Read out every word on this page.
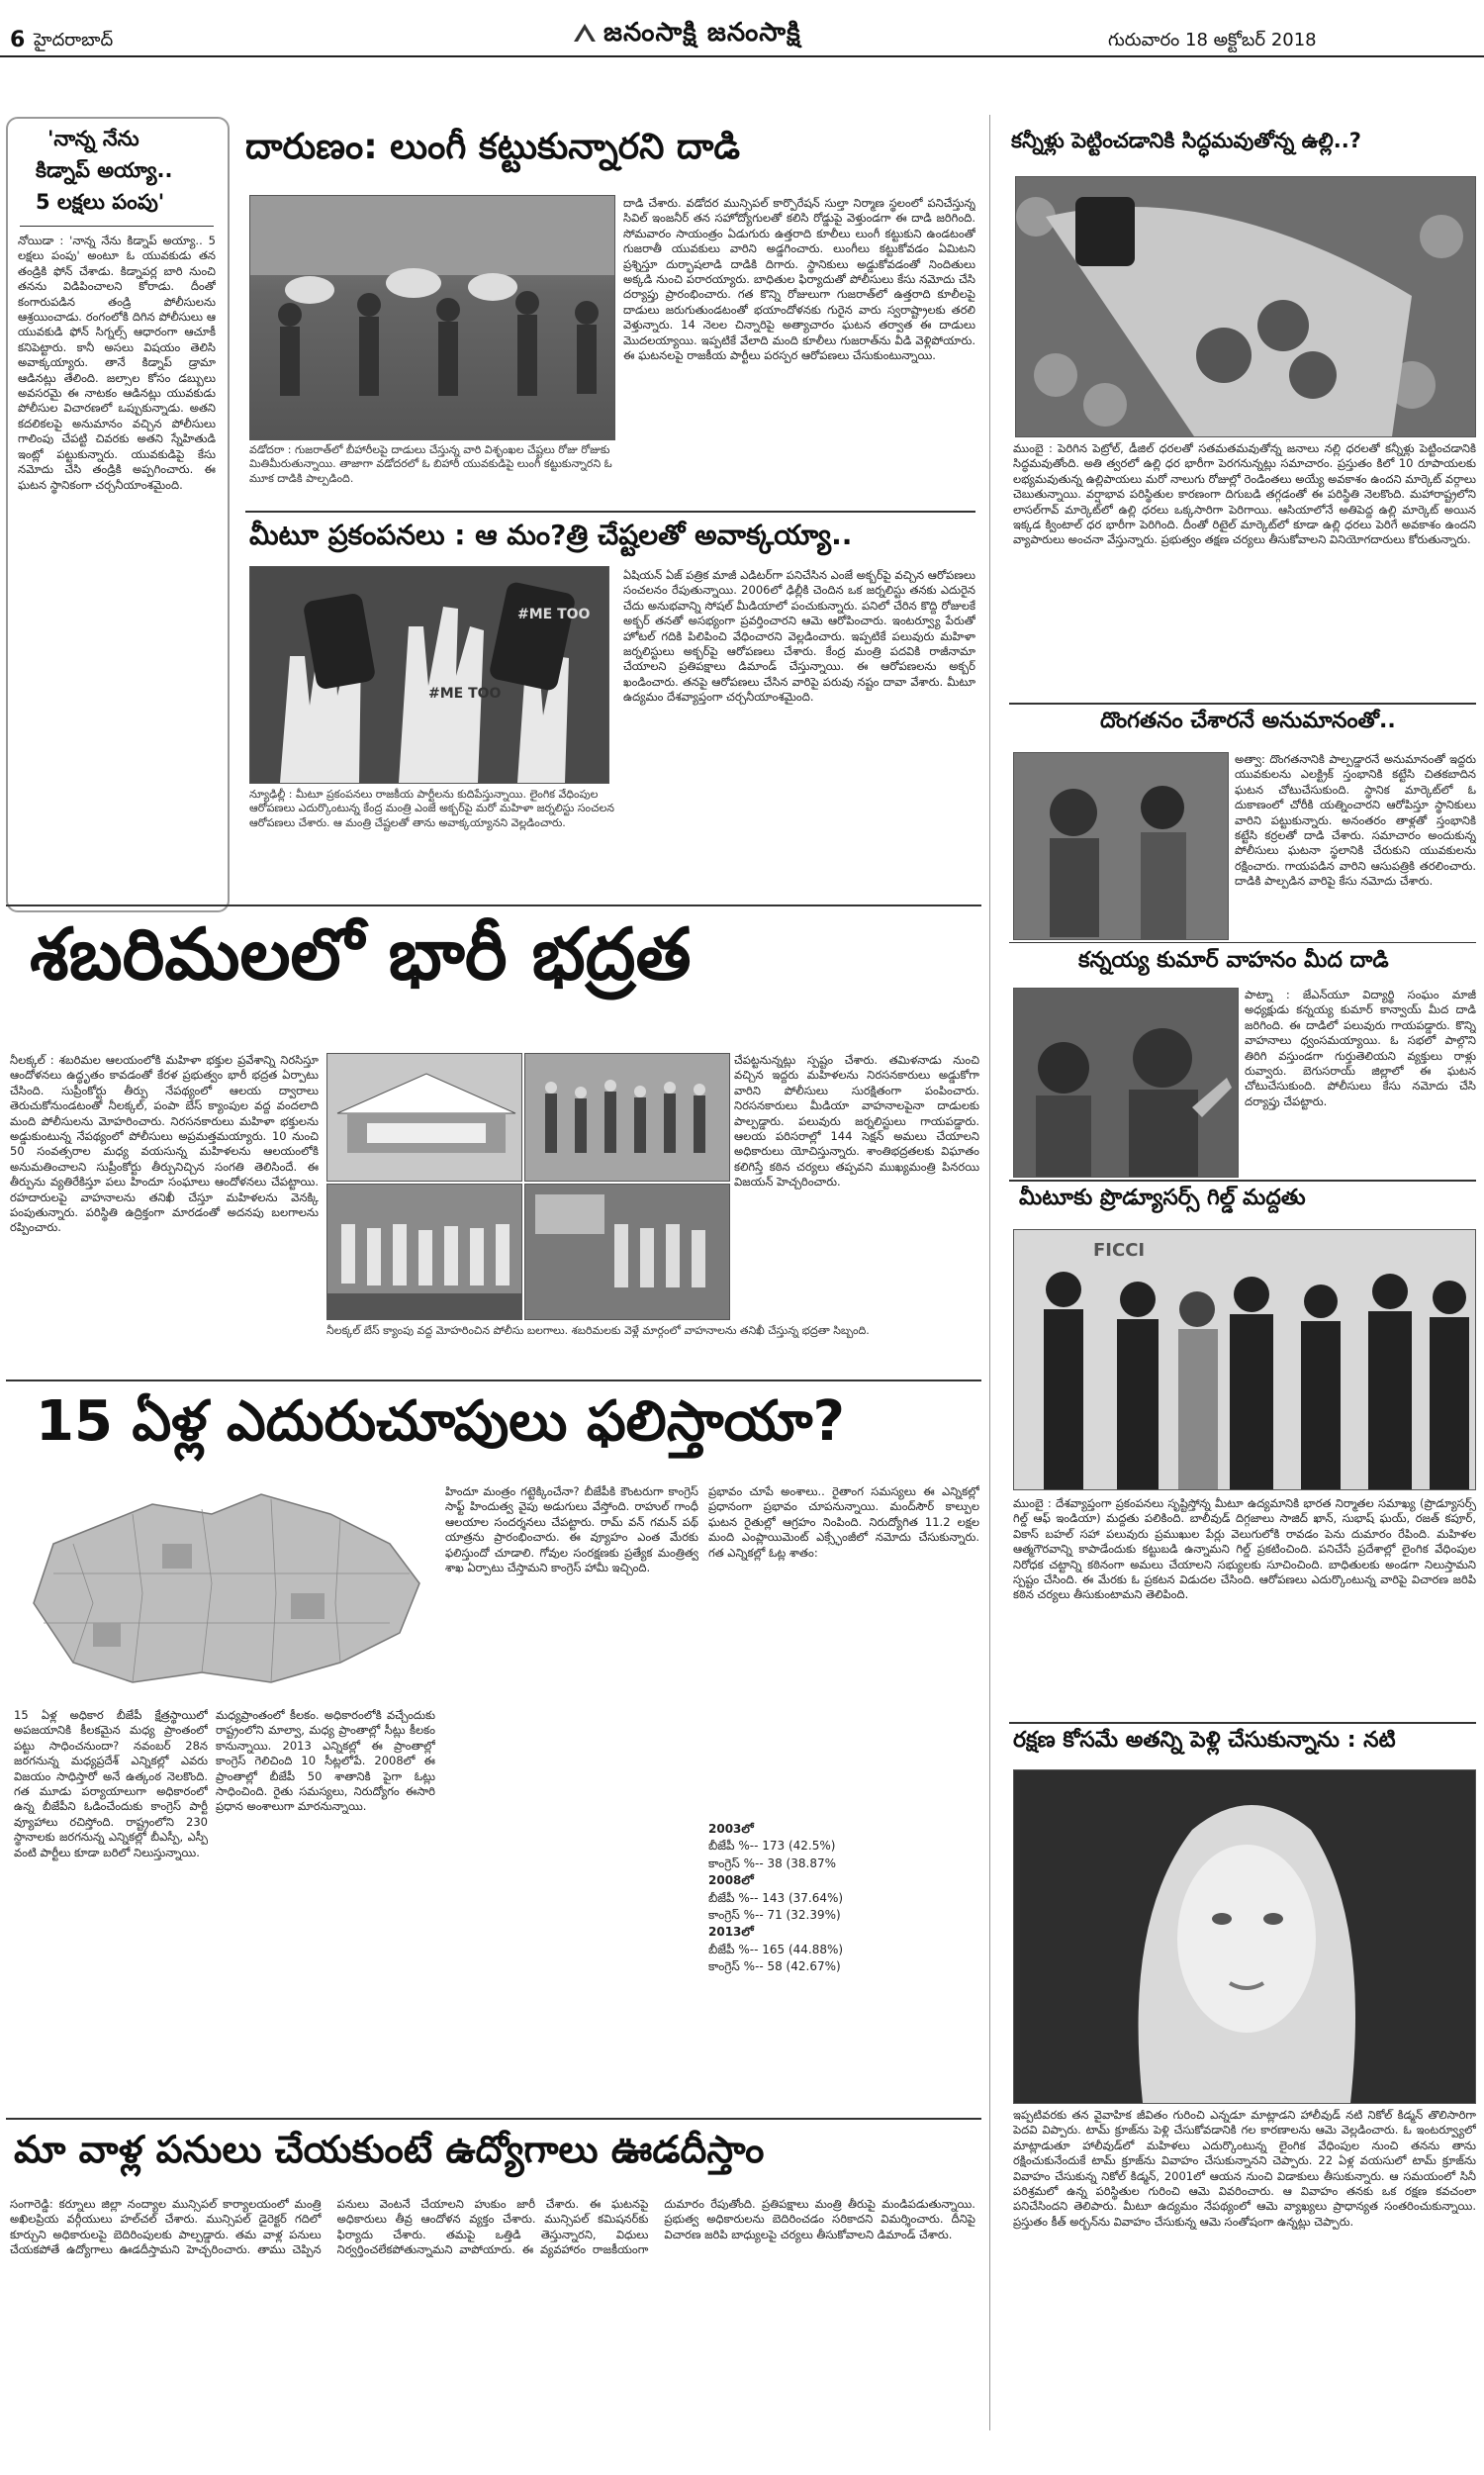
6 హైదరాబాద్	జనంసాక్షి జనంసాక్షి	గురువారం 18 అక్టోబర్ 2018
'నాన్న నేను
కిడ్నాప్ అయ్యా..
5 లక్షలు పంపు'
నోయిడా : 'నాన్న నేను కిడ్నాప్ అయ్యా.. 5 లక్షలు పంపు' అంటూ ఓ యువకుడు తన తండ్రికి ఫోన్ చేశాడు. కిడ్నాపర్ల బారి నుంచి తనను విడిపించాలని కోరాడు. దీంతో కంగారుపడిన తండ్రి పోలీసులను ఆశ్రయించాడు. రంగంలోకి దిగిన పోలీసులు ఆ యువకుడి ఫోన్ సిగ్నల్స్ ఆధారంగా ఆచూకీ కనిపెట్టారు. కానీ అసలు విషయం తెలిసి అవాక్కయ్యారు. తానే కిడ్నాప్ డ్రామా ఆడినట్లు తేలింది. జల్సాల కోసం డబ్బులు అవసరమై ఈ నాటకం ఆడినట్లు యువకుడు పోలీసుల విచారణలో ఒప్పుకున్నాడు. అతని కదలికలపై అనుమానం వచ్చిన పోలీసులు గాలింపు చేపట్టి చివరకు అతని స్నేహితుడి ఇంట్లో పట్టుకున్నారు. యువకుడిపై కేసు నమోదు చేసి తండ్రికి అప్పగించారు. ఈ ఘటన స్థానికంగా చర్చనీయాంశమైంది.
దారుణం: లుంగీ కట్టుకున్నారని దాడి
దాడి చేశారు. వడోదర మున్సిపల్ కార్పొరేషన్ సుల్తా నిర్మాణ స్థలంలో పనిచేస్తున్న సివిల్ ఇంజనీర్ తన సహోద్యోగులతో కలిసి రోడ్డుపై వెళ్తుండగా ఈ దాడి జరిగింది. సోమవారం సాయంత్రం ఏడుగురు ఉత్తరాది కూలీలు లుంగీ కట్టుకుని ఉండటంతో గుజరాతీ యువకులు వారిని అడ్డగించారు. లుంగీలు కట్టుకోవడం ఏమిటని ప్రశ్నిస్తూ దుర్భాషలాడి దాడికి దిగారు. స్థానికులు అడ్డుకోవడంతో నిందితులు అక్కడి నుంచి పరారయ్యారు. బాధితుల ఫిర్యాదుతో పోలీసులు కేసు నమోదు చేసి దర్యాప్తు ప్రారంభించారు. గత కొన్ని రోజులుగా గుజరాత్‌లో ఉత్తరాది కూలీలపై దాడులు జరుగుతుండటంతో భయాందోళనకు గురైన వారు స్వరాష్ట్రాలకు తరలి వెళ్తున్నారు. 14 నెలల చిన్నారిపై అత్యాచారం ఘటన తర్వాత ఈ దాడులు మొదలయ్యాయి. ఇప్పటికే వేలాది మంది కూలీలు గుజరాత్‌ను వీడి వెళ్లిపోయారు. ఈ ఘటనలపై రాజకీయ పార్టీలు పరస్పర ఆరోపణలు చేసుకుంటున్నాయి.
వడోదరా : గుజరాత్‌లో బీహారీలపై దాడులు చేస్తున్న వారి విశృంఖల చేష్టలు రోజు రోజుకు మితిమీరుతున్నాయి. తాజాగా వడోదరలో ఓ బిహారీ యువకుడిపై లుంగీ కట్టుకున్నారని ఓ మూక దాడికి పాల్పడింది.
మీటూ ప్రకంపనలు : ఆ మం?త్రి చేష్టలతో అవాక్కయ్యా..
#ME TOO
#ME TOO
ఏషియన్ ఏజ్ పత్రిక మాజీ ఎడిటర్‌గా పనిచేసిన ఎంజే అక్బర్‌పై వచ్చిన ఆరోపణలు సంచలనం రేపుతున్నాయి. 2006లో ఢిల్లీకి చెందిన ఒక జర్నలిస్టు తనకు ఎదురైన చేదు అనుభవాన్ని సోషల్ మీడియాలో పంచుకున్నారు. పనిలో చేరిన కొద్ది రోజులకే అక్బర్ తనతో అసభ్యంగా ప్రవర్తించారని ఆమె ఆరోపించారు. ఇంటర్వ్యూ పేరుతో హోటల్ గదికి పిలిపించి వేధించారని వెల్లడించారు. ఇప్పటికే పలువురు మహిళా జర్నలిస్టులు అక్బర్‌పై ఆరోపణలు చేశారు. కేంద్ర మంత్రి పదవికి రాజీనామా చేయాలని ప్రతిపక్షాలు డిమాండ్ చేస్తున్నాయి. ఈ ఆరోపణలను అక్బర్ ఖండించారు. తనపై ఆరోపణలు చేసిన వారిపై పరువు నష్టం దావా వేశారు. మీటూ ఉద్యమం దేశవ్యాప్తంగా చర్చనీయాంశమైంది.
న్యూఢిల్లీ : మీటూ ప్రకంపనలు రాజకీయ పార్టీలను కుదిపేస్తున్నాయి. లైంగిక వేధింపుల ఆరోపణలు ఎదుర్కొంటున్న కేంద్ర మంత్రి ఎంజే అక్బర్‌పై మరో మహిళా జర్నలిస్టు సంచలన ఆరోపణలు చేశారు. ఆ మంత్రి చేష్టలతో తాను అవాక్కయ్యానని వెల్లడించారు.
కన్నీళ్లు పెట్టించడానికి సిద్ధమవుతోన్న ఉల్లి..?
ముంబై : పెరిగిన పెట్రోల్, డీజిల్ ధరలతో సతమతమవుతోన్న జనాలు నల్లి ధరలతో కన్నీళ్లు పెట్టించడానికి సిద్ధమవుతోంది. అతి త్వరలో ఉల్లి ధర భారీగా పెరగనున్నట్లు సమాచారం. ప్రస్తుతం కిలో 10 రూపాయలకు లభ్యమవుతున్న ఉల్లిపాయలు మరో నాలుగు రోజుల్లో రెండింతలు అయ్యే అవకాశం ఉందని మార్కెట్ వర్గాలు చెబుతున్నాయి. వర్షాభావ పరిస్థితుల కారణంగా దిగుబడి తగ్గడంతో ఈ పరిస్థితి నెలకొంది. మహారాష్ట్రలోని లాసల్‌గావ్ మార్కెట్‌లో ఉల్లి ధరలు ఒక్కసారిగా పెరిగాయి. ఆసియాలోనే అతిపెద్ద ఉల్లి మార్కెట్ అయిన ఇక్కడ క్వింటాల్ ధర భారీగా పెరిగింది. దీంతో రిటైల్ మార్కెట్‌లో కూడా ఉల్లి ధరలు పెరిగే అవకాశం ఉందని వ్యాపారులు అంచనా వేస్తున్నారు. ప్రభుత్వం తక్షణ చర్యలు తీసుకోవాలని వినియోగదారులు కోరుతున్నారు.
దొంగతనం చేశారనే అనుమానంతో..
అత్వా: దొంగతనానికి పాల్పడ్డారనే అనుమానంతో ఇద్దరు యువకులను ఎలక్ట్రిక్ స్తంభానికి కట్టేసి చితకబాదిన ఘటన చోటుచేసుకుంది. స్థానిక మార్కెట్‌లో ఓ దుకాణంలో చోరీకి యత్నించారని ఆరోపిస్తూ స్థానికులు వారిని పట్టుకున్నారు. అనంతరం తాళ్లతో స్తంభానికి కట్టేసి కర్రలతో దాడి చేశారు. సమాచారం అందుకున్న పోలీసులు ఘటనా స్థలానికి చేరుకుని యువకులను రక్షించారు. గాయపడిన వారిని ఆసుపత్రికి తరలించారు. దాడికి పాల్పడిన వారిపై కేసు నమోదు చేశారు.
కన్నయ్య కుమార్ వాహనం మీద దాడి
పాట్నా : జేఎన్‌యూ విద్యార్థి సంఘం మాజీ అధ్యక్షుడు కన్నయ్య కుమార్ కాన్వాయ్ మీద దాడి జరిగింది. ఈ దాడిలో పలువురు గాయపడ్డారు. కొన్ని వాహనాలు ధ్వంసమయ్యాయి. ఓ సభలో పాల్గొని తిరిగి వస్తుండగా గుర్తుతెలియని వ్యక్తులు రాళ్లు రువ్వారు. బెగుసరాయ్ జిల్లాలో ఈ ఘటన చోటుచేసుకుంది. పోలీసులు కేసు నమోదు చేసి దర్యాప్తు చేపట్టారు.
మీటూకు ప్రొడ్యూసర్స్ గిల్డ్ మద్దతు
FICCI
ముంబై : దేశవ్యాప్తంగా ప్రకంపనలు సృష్టిస్తోన్న మీటూ ఉద్యమానికి భారత నిర్మాతల సమాఖ్య (ప్రొడ్యూసర్స్ గిల్డ్ ఆఫ్ ఇండియా) మద్దతు పలికింది. బాలీవుడ్ దిగ్గజాలు సాజిద్ ఖాన్, సుభాష్ ఘయ్, రజత్ కపూర్, వికాస్ బహల్ సహా పలువురు ప్రముఖుల పేర్లు వెలుగులోకి రావడం పెను దుమారం రేపింది. మహిళల ఆత్మగౌరవాన్ని కాపాడేందుకు కట్టుబడి ఉన్నామని గిల్డ్ ప్రకటించింది. పనిచేసే ప్రదేశాల్లో లైంగిక వేధింపుల నిరోధక చట్టాన్ని కఠినంగా అమలు చేయాలని సభ్యులకు సూచించింది. బాధితులకు అండగా నిలుస్తామని స్పష్టం చేసింది. ఈ మేరకు ఓ ప్రకటన విడుదల చేసింది. ఆరోపణలు ఎదుర్కొంటున్న వారిపై విచారణ జరిపి కఠిన చర్యలు తీసుకుంటామని తెలిపింది.
రక్షణ కోసమే అతన్ని పెళ్లి చేసుకున్నాను : నటి
ఇప్పటివరకు తన వైవాహిక జీవితం గురించి ఎన్నడూ మాట్లాడని హాలీవుడ్ నటి నికోల్ కిడ్మన్ తొలిసారిగా పెదవి విప్పారు. టామ్ క్రూజ్‌ను పెళ్లి చేసుకోవడానికి గల కారణాలను ఆమె వెల్లడించారు. ఓ ఇంటర్వ్యూలో మాట్లాడుతూ హాలీవుడ్‌లో మహిళలు ఎదుర్కొంటున్న లైంగిక వేధింపుల నుంచి తనను తాను రక్షించుకునేందుకే టామ్ క్రూజ్‌ను వివాహం చేసుకున్నానని చెప్పారు. 22 ఏళ్ల వయసులో టామ్ క్రూజ్‌ను వివాహం చేసుకున్న నికోల్ కిడ్మన్, 2001లో ఆయన నుంచి విడాకులు తీసుకున్నారు. ఆ సమయంలో సినీ పరిశ్రమలో ఉన్న పరిస్థితుల గురించి ఆమె వివరించారు. ఆ వివాహం తనకు ఒక రక్షణ కవచంలా పనిచేసిందని తెలిపారు. మీటూ ఉద్యమం నేపథ్యంలో ఆమె వ్యాఖ్యలు ప్రాధాన్యత సంతరించుకున్నాయి. ప్రస్తుతం కీత్ అర్బన్‌ను వివాహం చేసుకున్న ఆమె సంతోషంగా ఉన్నట్లు చెప్పారు.
శబరిమలలో భారీ భద్రత
నీలక్కల్ : శబరిమల ఆలయంలోకి మహిళా భక్తుల ప్రవేశాన్ని నిరసిస్తూ ఆందోళనలు ఉద్ధృతం కావడంతో కేరళ ప్రభుత్వం భారీ భద్రత ఏర్పాటు చేసింది. సుప్రీంకోర్టు తీర్పు నేపథ్యంలో ఆలయ ద్వారాలు తెరుచుకోనుండటంతో నీలక్కల్, పంపా బేస్ క్యాంపుల వద్ద వందలాది మంది పోలీసులను మోహరించారు. నిరసనకారులు మహిళా భక్తులను అడ్డుకుంటున్న నేపథ్యంలో పోలీసులు అప్రమత్తమయ్యారు. 10 నుంచి 50 సంవత్సరాల మధ్య వయసున్న మహిళలను ఆలయంలోకి అనుమతించాలని సుప్రీంకోర్టు తీర్పునిచ్చిన సంగతి తెలిసిందే. ఈ తీర్పును వ్యతిరేకిస్తూ పలు హిందూ సంఘాలు ఆందోళనలు చేపట్టాయి. రహదారులపై వాహనాలను తనిఖీ చేస్తూ మహిళలను వెనక్కి పంపుతున్నారు. పరిస్థితి ఉద్రిక్తంగా మారడంతో అదనపు బలగాలను రప్పించారు.
చేపట్టనున్నట్లు స్పష్టం చేశారు. తమిళనాడు నుంచి వచ్చిన ఇద్దరు మహిళలను నిరసనకారులు అడ్డుకోగా వారిని పోలీసులు సురక్షితంగా పంపించారు. నిరసనకారులు మీడియా వాహనాలపైనా దాడులకు పాల్పడ్డారు. పలువురు జర్నలిస్టులు గాయపడ్డారు. ఆలయ పరిసరాల్లో 144 సెక్షన్ అమలు చేయాలని అధికారులు యోచిస్తున్నారు. శాంతిభద్రతలకు విఘాతం కలిగిస్తే కఠిన చర్యలు తప్పవని ముఖ్యమంత్రి పినరయి విజయన్ హెచ్చరించారు.
నీలక్కల్ బేస్ క్యాంపు వద్ద మోహరించిన పోలీసు బలగాలు. శబరిమలకు వెళ్లే మార్గంలో వాహనాలను తనిఖీ చేస్తున్న భద్రతా సిబ్బంది.
15 ఏళ్ల ఎదురుచూపులు ఫలిస్తాయా?
15 ఏళ్ల అధికార బీజేపీ క్షేత్రస్థాయిలో అపజయానికి కీలకమైన మధ్య ప్రాంతంలో పట్టు సాధించనుందా? నవంబర్ 28న జరగనున్న మధ్యప్రదేశ్ ఎన్నికల్లో ఎవరు విజయం సాధిస్తారో అనే ఉత్కంఠ నెలకొంది. గత మూడు పర్యాయాలుగా అధికారంలో ఉన్న బీజేపీని ఓడించేందుకు కాంగ్రెస్ పార్టీ వ్యూహాలు రచిస్తోంది. రాష్ట్రంలోని 230 స్థానాలకు జరగనున్న ఎన్నికల్లో బీఎస్పీ, ఎస్పీ వంటి పార్టీలు కూడా బరిలో నిలుస్తున్నాయి.
మధ్యప్రాంతంలో కీలకం. అధికారంలోకి వచ్చేందుకు రాష్ట్రంలోని మాల్వా, మధ్య ప్రాంతాల్లో సీట్లు కీలకం కానున్నాయి. 2013 ఎన్నికల్లో ఈ ప్రాంతాల్లో కాంగ్రెస్ గెలిచింది 10 సీట్లలోపే. 2008లో ఈ ప్రాంతాల్లో బీజేపీ 50 శాతానికి పైగా ఓట్లు సాధించింది. రైతు సమస్యలు, నిరుద్యోగం ఈసారి ప్రధాన అంశాలుగా మారనున్నాయి.
హిందూ మంత్రం గట్టెక్కించేనా? బీజేపీకి కౌంటరుగా కాంగ్రెస్ సాఫ్ట్ హిందుత్వ వైపు అడుగులు వేస్తోంది. రాహుల్ గాంధీ ఆలయాల సందర్శనలు చేపట్టారు. రామ్ వన్ గమన్ పథ్ యాత్రను ప్రారంభించారు. ఈ వ్యూహం ఎంత మేరకు ఫలిస్తుందో చూడాలి. గోవుల సంరక్షణకు ప్రత్యేక మంత్రిత్వ శాఖ ఏర్పాటు చేస్తామని కాంగ్రెస్ హామీ ఇచ్చింది.
ప్రభావం చూపే అంశాలు.. రైతాంగ సమస్యలు ఈ ఎన్నికల్లో ప్రధానంగా ప్రభావం చూపనున్నాయి. మంద్‌సౌర్ కాల్పుల ఘటన రైతుల్లో ఆగ్రహం నింపింది. నిరుద్యోగిత 11.2 లక్షల మంది ఎంప్లాయిమెంట్ ఎక్స్ఛేంజీలో నమోదు చేసుకున్నారు. గత ఎన్నికల్లో ఓట్ల శాతం:
2003లో
బీజేపీ %-- 173 (42.5%)
కాంగ్రెస్ %-- 38 (38.87%
2008లో
బీజేపీ %-- 143 (37.64%)
కాంగ్రెస్ %-- 71 (32.39%)
2013లో
బీజేపీ %-- 165 (44.88%)
కాంగ్రెస్ %-- 58 (42.67%)
మా వాళ్ల పనులు చేయకుంటే ఉద్యోగాలు ఊడదీస్తాం
సంగారెడ్డి: కర్నూలు జిల్లా నంద్యాల మున్సిపల్ కార్యాలయంలో మంత్రి అఖిలప్రియ వర్గీయులు హల్‌చల్ చేశారు. మున్సిపల్ డైరెక్టర్ గదిలో కూర్చుని అధికారులపై బెదిరింపులకు పాల్పడ్డారు. తమ వాళ్ల పనులు చేయకపోతే ఉద్యోగాలు ఊడదీస్తామని హెచ్చరించారు. తాము చెప్పిన పనులు వెంటనే చేయాలని హుకుం జారీ చేశారు. ఈ ఘటనపై అధికారులు తీవ్ర ఆందోళన వ్యక్తం చేశారు. మున్సిపల్ కమిషనర్‌కు ఫిర్యాదు చేశారు. తమపై ఒత్తిడి తెస్తున్నారని, విధులు నిర్వర్తించలేకపోతున్నామని వాపోయారు. ఈ వ్యవహారం రాజకీయంగా దుమారం రేపుతోంది. ప్రతిపక్షాలు మంత్రి తీరుపై మండిపడుతున్నాయి. ప్రభుత్వ అధికారులను బెదిరించడం సరికాదని విమర్శించారు. దీనిపై విచారణ జరిపి బాధ్యులపై చర్యలు తీసుకోవాలని డిమాండ్ చేశారు.
